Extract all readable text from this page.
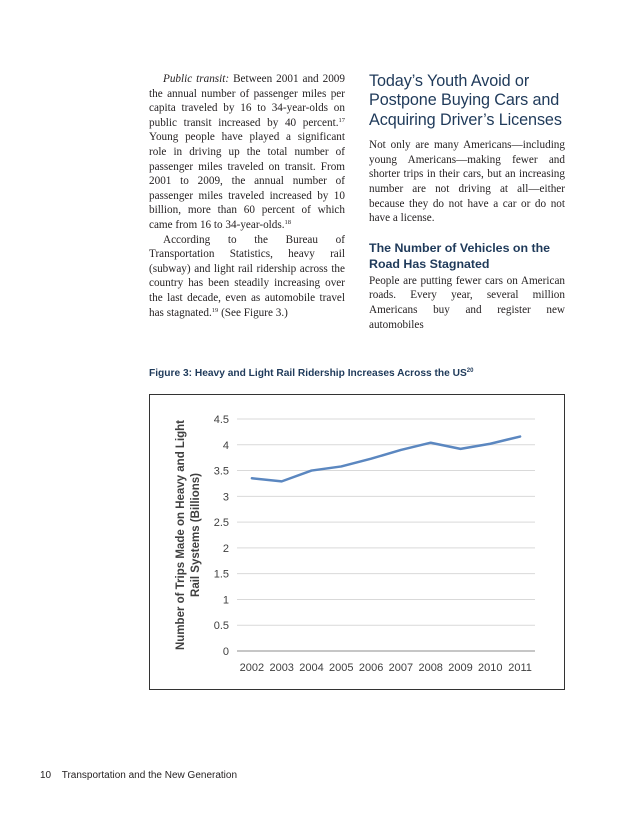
Public transit: Between 2001 and 2009 the annual number of passenger miles per capita traveled by 16 to 34-year-olds on public transit increased by 40 percent.$^{17}$ Young people have played a significant role in driving up the total number of passenger miles traveled on transit. From 2001 to 2009, the annual number of passenger miles traveled increased by 10 billion, more than 60 percent of which came from 16 to 34-year-olds.$^{18}$

According to the Bureau of Transportation Statistics, heavy rail (subway) and light rail ridership across the country has been steadily increasing over the last decade, even as automobile travel has stagnated.$^{19}$ (See Figure 3.)

Today’s Youth Avoid or Postpone Buying Cars and Acquiring Driver’s Licenses

Not only are many Americans—including young Americans—making fewer and shorter trips in their cars, but an increasing number are not driving at all—either because they do not have a car or do not have a license.

The Number of Vehicles on the Road Has Stagnated

People are putting fewer cars on American roads. Every year, several million Americans buy and register new automobiles

Figure 3: Heavy and Light Rail Ridership Increases Across the US$^{20}$
0
0.5
1
1.5
2
2.5
3
3.5
4
4.5
2002 2003 2004 2005 2006 2007 2008 2009 2010 2011
Number of Trips Made on Heavy and Light Rail Systems (Billions)
10 Transportation and the New Generation
